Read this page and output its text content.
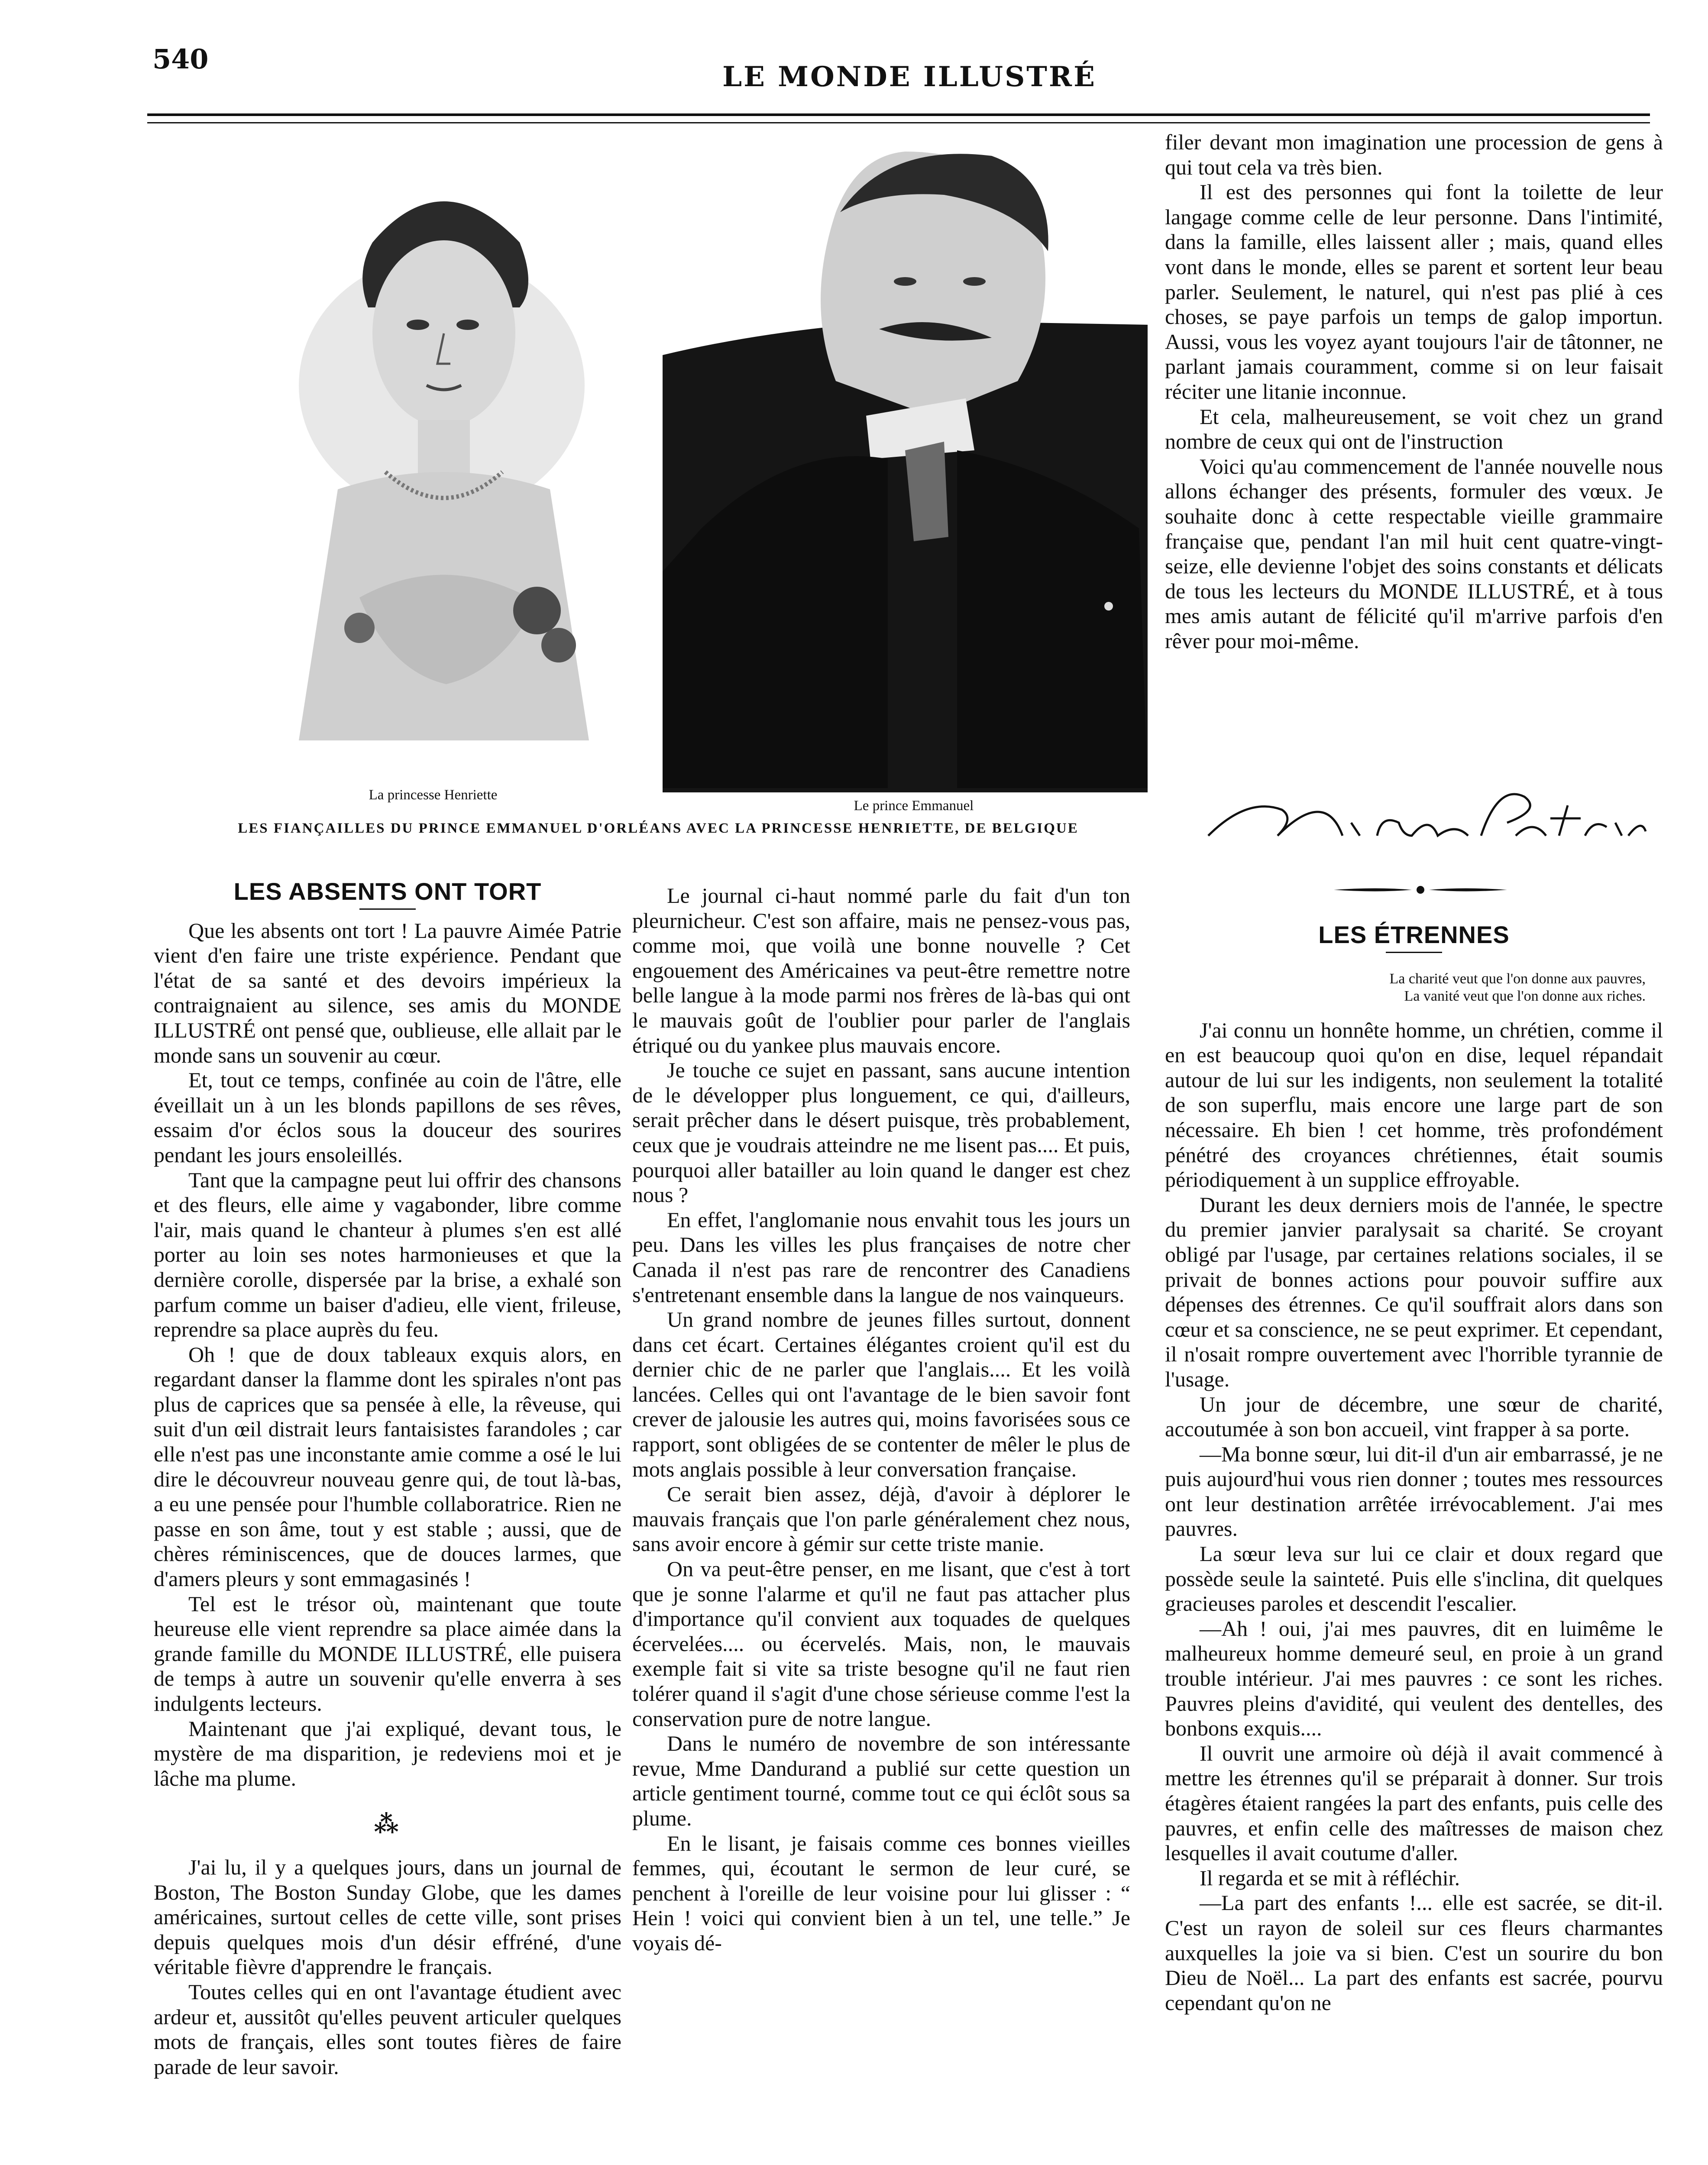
540
LE MONDE ILLUSTRÉ
La princesse Henriette
Le prince Emmanuel
LES FIANÇAILLES DU PRINCE EMMANUEL D'ORLÉANS AVEC LA PRINCESSE HENRIETTE, DE BELGIQUE

filer devant mon imagination une procession de gens à qui tout cela va très bien.

Il est des personnes qui font la toilette de leur langage comme celle de leur personne. Dans l'intimité, dans la famille, elles laissent aller ; mais, quand elles vont dans le monde, elles se parent et sortent leur beau parler. Seulement, le naturel, qui n'est pas plié à ces choses, se paye parfois un temps de galop importun. Aussi, vous les voyez ayant toujours l'air de tâtonner, ne parlant jamais couramment, comme si on leur faisait réciter une litanie inconnue.

Et cela, malheureusement, se voit chez un grand nombre de ceux qui ont de l'instruction

Voici qu'au commencement de l'année nouvelle nous allons échanger des présents, formuler des vœux. Je souhaite donc à cette respectable vieille grammaire française que, pendant l'an mil huit cent quatre-vingt-seize, elle devienne l'objet des soins constants et délicats de tous les lecteurs du MONDE ILLUSTRÉ, et à tous mes amis autant de félicité qu'il m'arrive parfois d'en rêver pour moi-même.

LES ABSENTS ONT TORT

Que les absents ont tort ! La pauvre Aimée Patrie vient d'en faire une triste expérience. Pendant que l'état de sa santé et des devoirs impérieux la contraignaient au silence, ses amis du MONDE ILLUSTRÉ ont pensé que, oublieuse, elle allait par le monde sans un souvenir au cœur.

Et, tout ce temps, confinée au coin de l'âtre, elle éveillait un à un les blonds papillons de ses rêves, essaim d'or éclos sous la douceur des sourires pendant les jours ensoleillés.

Tant que la campagne peut lui offrir des chansons et des fleurs, elle aime y vagabonder, libre comme l'air, mais quand le chanteur à plumes s'en est allé porter au loin ses notes harmonieuses et que la dernière corolle, dispersée par la brise, a exhalé son parfum comme un baiser d'adieu, elle vient, frileuse, reprendre sa place auprès du feu.

Oh ! que de doux tableaux exquis alors, en regardant danser la flamme dont les spirales n'ont pas plus de caprices que sa pensée à elle, la rêveuse, qui suit d'un œil distrait leurs fantaisistes farandoles ; car elle n'est pas une inconstante amie comme a osé le lui dire le découvreur nouveau genre qui, de tout là-bas, a eu une pensée pour l'humble collaboratrice. Rien ne passe en son âme, tout y est stable ; aussi, que de chères réminiscences, que de douces larmes, que d'amers pleurs y sont emmagasinés !

Tel est le trésor où, maintenant que toute heureuse elle vient reprendre sa place aimée dans la grande famille du MONDE ILLUSTRÉ, elle puisera de temps à autre un souvenir qu'elle enverra à ses indulgents lecteurs.

Maintenant que j'ai expliqué, devant tous, le mystère de ma disparition, je redeviens moi et je lâche ma plume.

⁂

J'ai lu, il y a quelques jours, dans un journal de Boston, The Boston Sunday Globe, que les dames américaines, surtout celles de cette ville, sont prises depuis quelques mois d'un désir effréné, d'une véritable fièvre d'apprendre le français.

Toutes celles qui en ont l'avantage étudient avec ardeur et, aussitôt qu'elles peuvent articuler quelques mots de français, elles sont toutes fières de faire parade de leur savoir.

Le journal ci-haut nommé parle du fait d'un ton pleurnicheur. C'est son affaire, mais ne pensez-vous pas, comme moi, que voilà une bonne nouvelle ? Cet engouement des Américaines va peut-être remettre notre belle langue à la mode parmi nos frères de là-bas qui ont le mauvais goût de l'oublier pour parler de l'anglais étriqué ou du yankee plus mauvais encore.

Je touche ce sujet en passant, sans aucune intention de le développer plus longuement, ce qui, d'ailleurs, serait prêcher dans le désert puisque, très probablement, ceux que je voudrais atteindre ne me lisent pas.... Et puis, pourquoi aller batailler au loin quand le danger est chez nous ?

En effet, l'anglomanie nous envahit tous les jours un peu. Dans les villes les plus françaises de notre cher Canada il n'est pas rare de rencontrer des Canadiens s'entretenant ensemble dans la langue de nos vainqueurs.

Un grand nombre de jeunes filles surtout, donnent dans cet écart. Certaines élégantes croient qu'il est du dernier chic de ne parler que l'anglais.... Et les voilà lancées. Celles qui ont l'avantage de le bien savoir font crever de jalousie les autres qui, moins favorisées sous ce rapport, sont obligées de se contenter de mêler le plus de mots anglais possible à leur conversation française.

Ce serait bien assez, déjà, d'avoir à déplorer le mauvais français que l'on parle généralement chez nous, sans avoir encore à gémir sur cette triste manie.

On va peut-être penser, en me lisant, que c'est à tort que je sonne l'alarme et qu'il ne faut pas attacher plus d'importance qu'il convient aux toquades de quelques écervelées.... ou écervelés. Mais, non, le mauvais exemple fait si vite sa triste besogne qu'il ne faut rien tolérer quand il s'agit d'une chose sérieuse comme l'est la conservation pure de notre langue.

Dans le numéro de novembre de son intéressante revue, Mme Dandurand a publié sur cette question un article gentiment tourné, comme tout ce qui éclôt sous sa plume.

En le lisant, je faisais comme ces bonnes vieilles femmes, qui, écoutant le sermon de leur curé, se penchent à l'oreille de leur voisine pour lui glisser : “ Hein ! voici qui convient bien à un tel, une telle.” Je voyais dé-

LES ÉTRENNES
La charité veut que l'on donne aux pauvres,
La vanité veut que l'on donne aux riches.

J'ai connu un honnête homme, un chrétien, comme il en est beaucoup quoi qu'on en dise, lequel répandait autour de lui sur les indigents, non seulement la totalité de son superflu, mais encore une large part de son nécessaire. Eh bien ! cet homme, très profondément pénétré des croyances chrétiennes, était soumis périodiquement à un supplice effroyable.

Durant les deux derniers mois de l'année, le spectre du premier janvier paralysait sa charité. Se croyant obligé par l'usage, par certaines relations sociales, il se privait de bonnes actions pour pouvoir suffire aux dépenses des étrennes. Ce qu'il souffrait alors dans son cœur et sa conscience, ne se peut exprimer. Et cependant, il n'osait rompre ouvertement avec l'horrible tyrannie de l'usage.

Un jour de décembre, une sœur de charité, accoutumée à son bon accueil, vint frapper à sa porte.

—Ma bonne sœur, lui dit-il d'un air embarrassé, je ne puis aujourd'hui vous rien donner ; toutes mes ressources ont leur destination arrêtée irrévocablement. J'ai mes pauvres.

La sœur leva sur lui ce clair et doux regard que possède seule la sainteté. Puis elle s'inclina, dit quelques gracieuses paroles et descendit l'escalier.

—Ah ! oui, j'ai mes pauvres, dit en luimême le malheureux homme demeuré seul, en proie à un grand trouble intérieur. J'ai mes pauvres : ce sont les riches. Pauvres pleins d'avidité, qui veulent des dentelles, des bonbons exquis....

Il ouvrit une armoire où déjà il avait commencé à mettre les étrennes qu'il se préparait à donner. Sur trois étagères étaient rangées la part des enfants, puis celle des pauvres, et enfin celle des maîtresses de maison chez lesquelles il avait coutume d'aller.

Il regarda et se mit à réfléchir.

—La part des enfants !... elle est sacrée, se dit-il. C'est un rayon de soleil sur ces fleurs charmantes auxquelles la joie va si bien. C'est un sourire du bon Dieu de Noël... La part des enfants est sacrée, pourvu cependant qu'on ne
